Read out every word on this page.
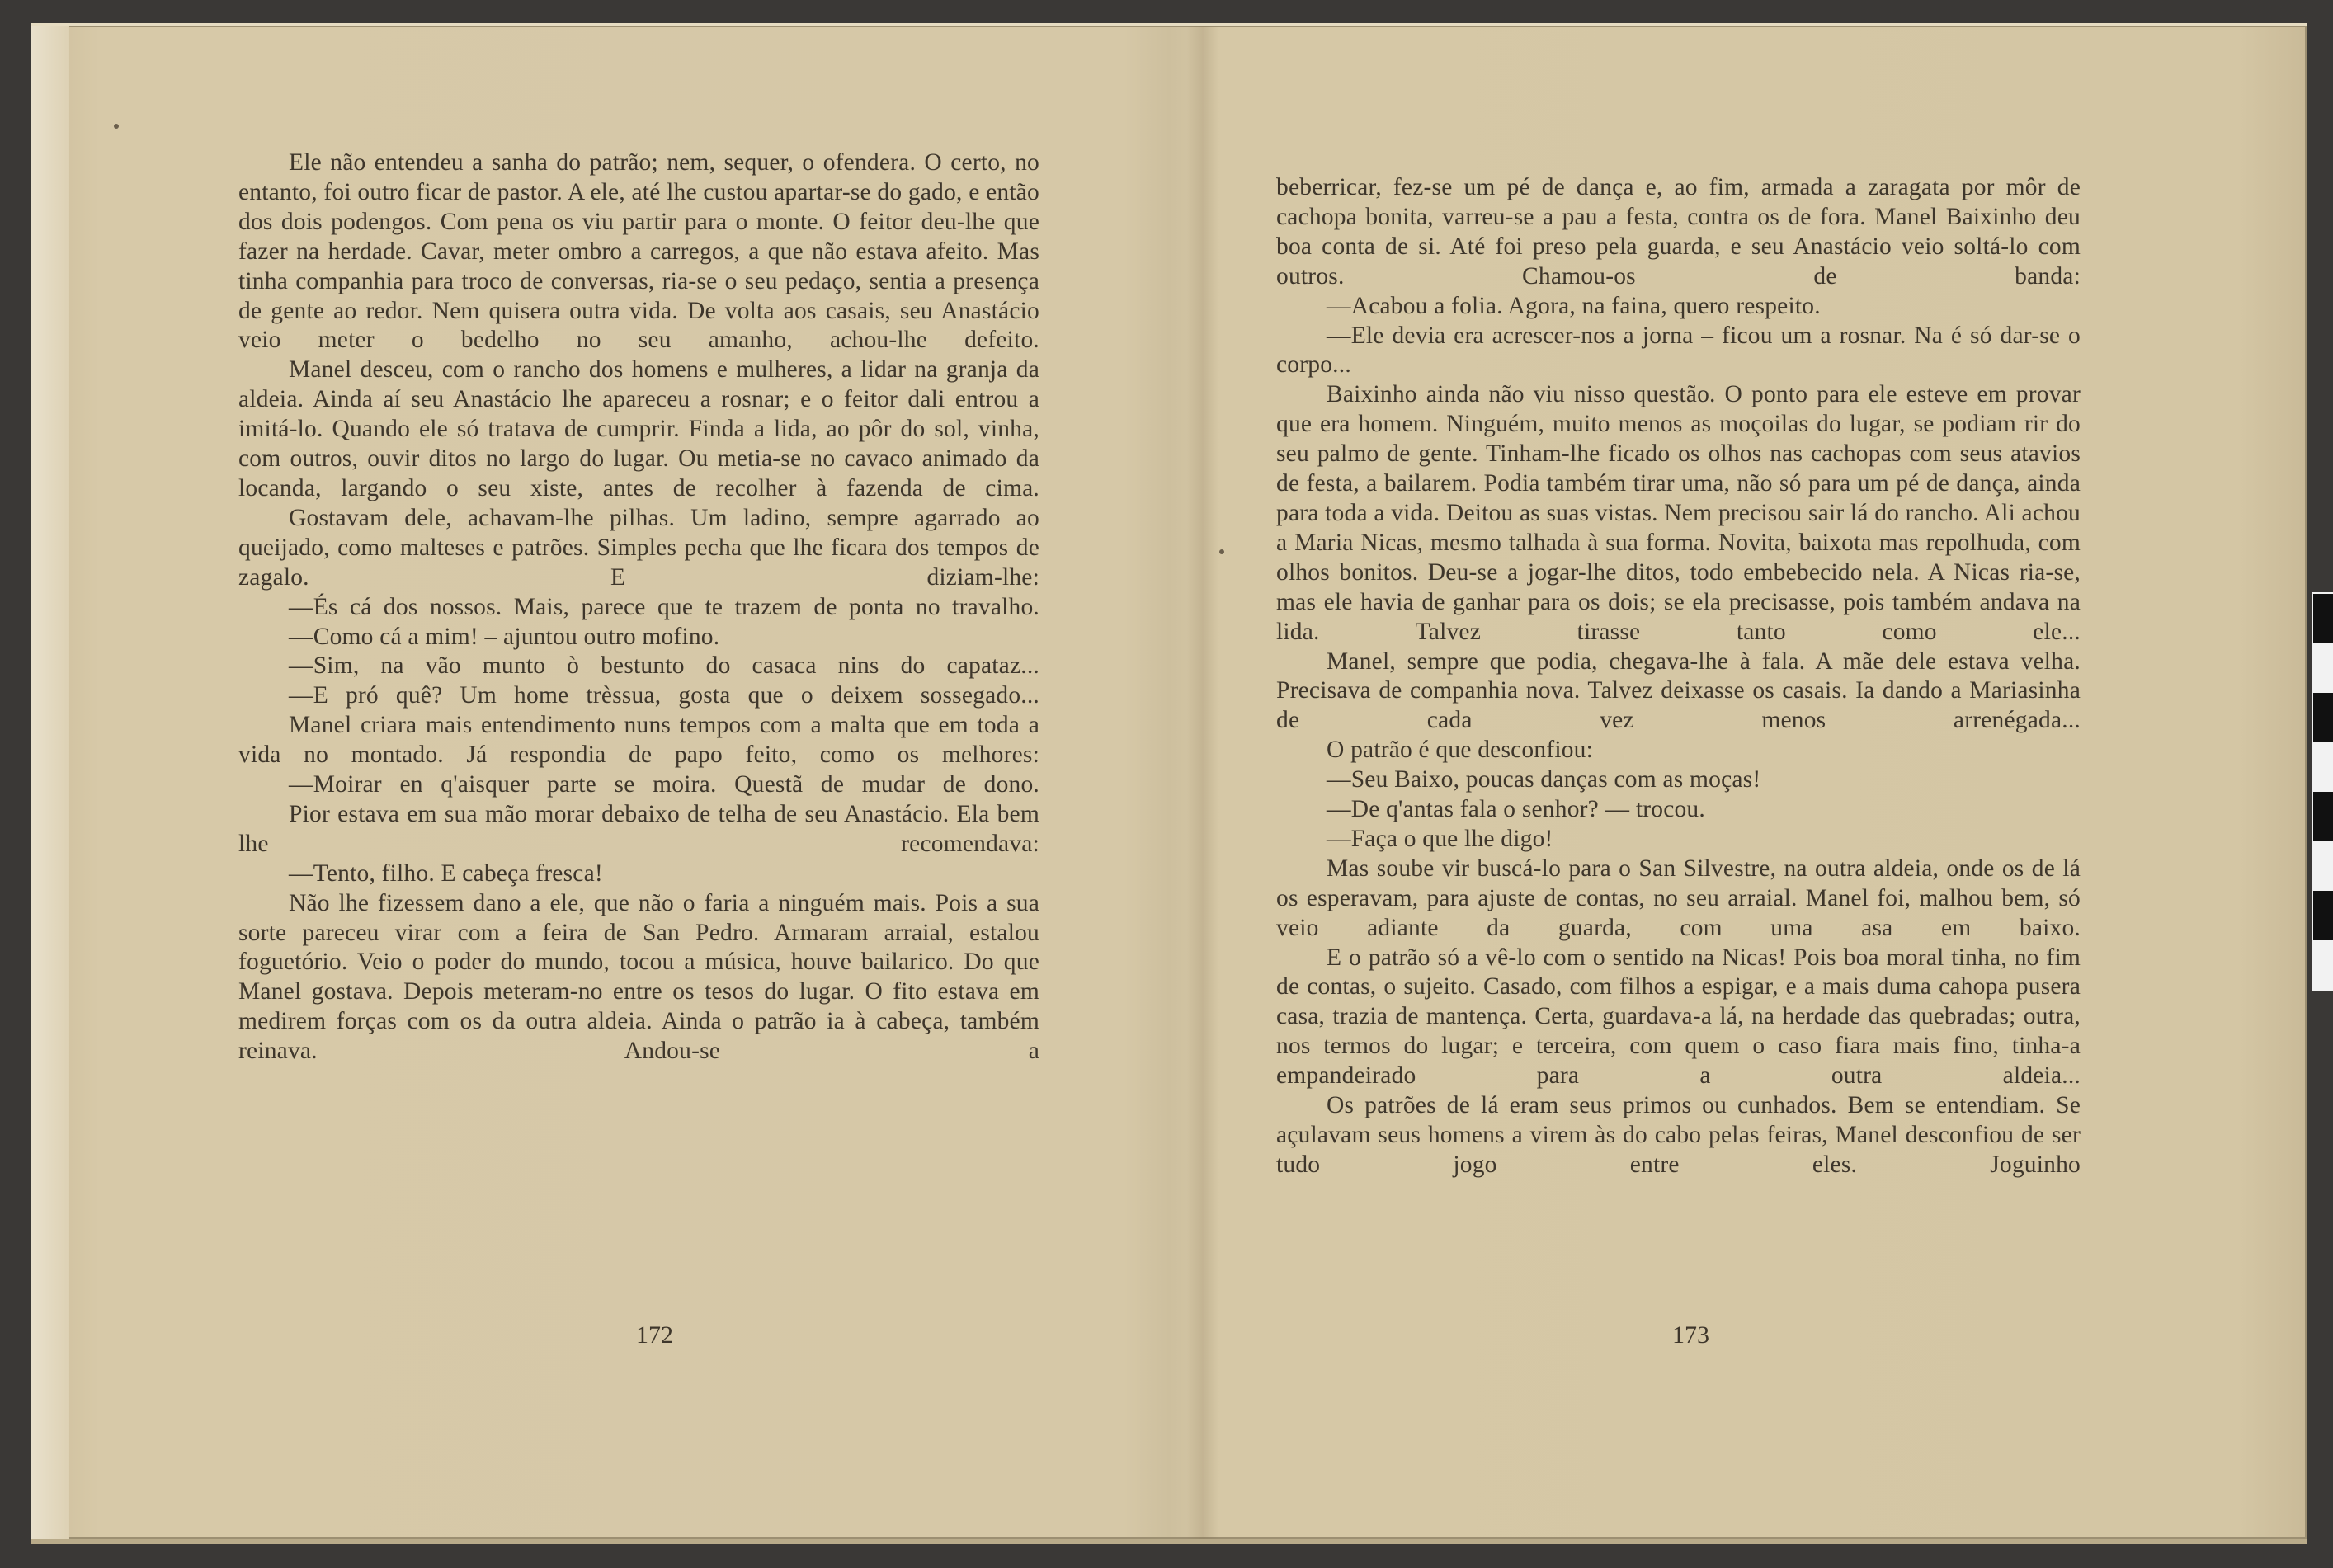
Ele não entendeu a sanha do patrão; nem, sequer, o ofendera. O certo, no entanto, foi outro ficar de pastor. A ele, até lhe custou apartar-se do gado, e então dos dois podengos. Com pena os viu partir para o monte. O feitor deu-lhe que fazer na herdade. Cavar, meter ombro a carregos, a que não estava afeito. Mas tinha companhia para troco de conversas, ria-se o seu pedaço, sentia a presença de gente ao redor. Nem quisera outra vida. De volta aos casais, seu Anastácio veio meter o bedelho no seu amanho, achou-lhe defeito.

Manel desceu, com o rancho dos homens e mulheres, a lidar na granja da aldeia. Ainda aí seu Anastácio lhe apareceu a rosnar; e o feitor dali entrou a imitá-lo. Quando ele só tratava de cumprir. Finda a lida, ao pôr do sol, vinha, com outros, ouvir ditos no largo do lugar. Ou metia-se no cavaco animado da locanda, largando o seu xiste, antes de recolher à fazenda de cima.

Gostavam dele, achavam-lhe pilhas. Um ladino, sempre agarrado ao queijado, como malteses e patrões. Simples pecha que lhe ficara dos tempos de zagalo. E diziam-lhe:

—És cá dos nossos. Mais, parece que te trazem de ponta no travalho.

—Como cá a mim! – ajuntou outro mofino.

—Sim, na vão munto ò bestunto do casaca nins do capataz...

—E pró quê? Um home trèssua, gosta que o deixem sossegado...

Manel criara mais entendimento nuns tempos com a malta que em toda a vida no montado. Já respondia de papo feito, como os melhores:

—Moirar en q'aisquer parte se moira. Questã de mudar de dono.

Pior estava em sua mão morar debaixo de telha de seu Anastácio. Ela bem lhe recomendava:

—Tento, filho. E cabeça fresca!

Não lhe fizessem dano a ele, que não o faria a ninguém mais. Pois a sua sorte pareceu virar com a feira de San Pedro. Armaram arraial, estalou foguetório. Veio o poder do mundo, tocou a música, houve bailarico. Do que Manel gostava. Depois meteram-no entre os tesos do lugar. O fito estava em medirem forças com os da outra aldeia. Ainda o patrão ia à cabeça, também reinava. Andou-se a

beberricar, fez-se um pé de dança e, ao fim, armada a zaragata por môr de cachopa bonita, varreu-se a pau a festa, contra os de fora. Manel Baixinho deu boa conta de si. Até foi preso pela guarda, e seu Anastácio veio soltá-lo com outros. Chamou-os de banda:

—Acabou a folia. Agora, na faina, quero respeito.

—Ele devia era acrescer-nos a jorna – ficou um a rosnar. Na é só dar-se o corpo...

Baixinho ainda não viu nisso questão. O ponto para ele esteve em provar que era homem. Ninguém, muito menos as moçoilas do lugar, se podiam rir do seu palmo de gente. Tinham-lhe ficado os olhos nas cachopas com seus atavios de festa, a bailarem. Podia também tirar uma, não só para um pé de dança, ainda para toda a vida. Deitou as suas vistas. Nem precisou sair lá do rancho. Ali achou a Maria Nicas, mesmo talhada à sua forma. Novita, baixota mas repolhuda, com olhos bonitos. Deu-se a jogar-lhe ditos, todo embebecido nela. A Nicas ria-se, mas ele havia de ganhar para os dois; se ela precisasse, pois também andava na lida. Talvez tirasse tanto como ele...

Manel, sempre que podia, chegava-lhe à fala. A mãe dele estava velha. Precisava de companhia nova. Talvez deixasse os casais. Ia dando a Mariasinha de cada vez menos arrenégada...

O patrão é que desconfiou:

—Seu Baixo, poucas danças com as moças!

—De q'antas fala o senhor? — trocou.

—Faça o que lhe digo!

Mas soube vir buscá-lo para o San Silvestre, na outra aldeia, onde os de lá os esperavam, para ajuste de contas, no seu arraial. Manel foi, malhou bem, só veio adiante da guarda, com uma asa em baixo.

E o patrão só a vê-lo com o sentido na Nicas! Pois boa moral tinha, no fim de contas, o sujeito. Casado, com filhos a espigar, e a mais duma cahopa pusera casa, trazia de mantença. Certa, guardava-a lá, na herdade das quebradas; outra, nos termos do lugar; e terceira, com quem o caso fiara mais fino, tinha-a empandeirado para a outra aldeia...

Os patrões de lá eram seus primos ou cunhados. Bem se entendiam. Se açulavam seus homens a virem às do cabo pelas feiras, Manel desconfiou de ser tudo jogo entre eles. Joguinho

172	173
